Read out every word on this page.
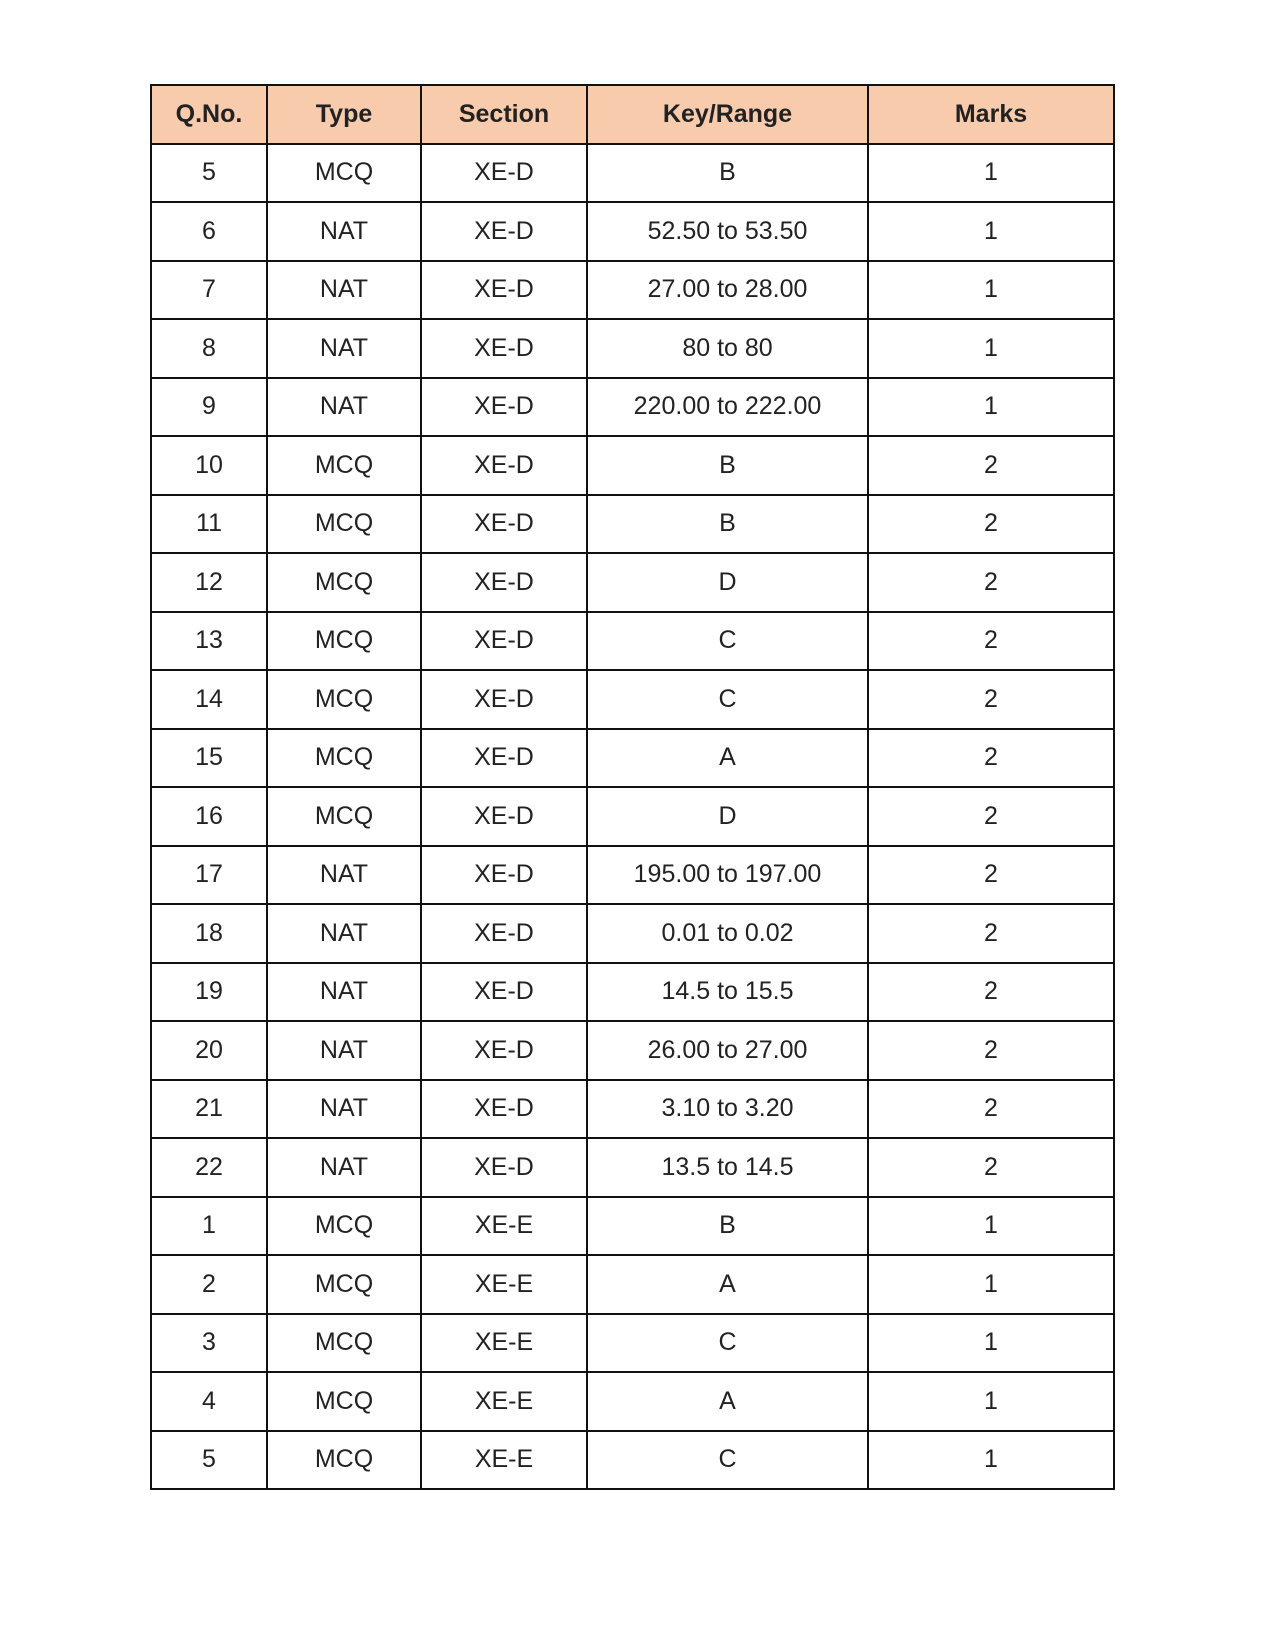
Q.No.	Type	Section	Key/Range	Marks
5	MCQ	XE-D	B	1
6	NAT	XE-D	52.50 to 53.50	1
7	NAT	XE-D	27.00 to 28.00	1
8	NAT	XE-D	80 to 80	1
9	NAT	XE-D	220.00 to 222.00	1
10	MCQ	XE-D	B	2
11	MCQ	XE-D	B	2
12	MCQ	XE-D	D	2
13	MCQ	XE-D	C	2
14	MCQ	XE-D	C	2
15	MCQ	XE-D	A	2
16	MCQ	XE-D	D	2
17	NAT	XE-D	195.00 to 197.00	2
18	NAT	XE-D	0.01 to 0.02	2
19	NAT	XE-D	14.5 to 15.5	2
20	NAT	XE-D	26.00 to 27.00	2
21	NAT	XE-D	3.10 to 3.20	2
22	NAT	XE-D	13.5 to 14.5	2
1	MCQ	XE-E	B	1
2	MCQ	XE-E	A	1
3	MCQ	XE-E	C	1
4	MCQ	XE-E	A	1
5	MCQ	XE-E	C	1
